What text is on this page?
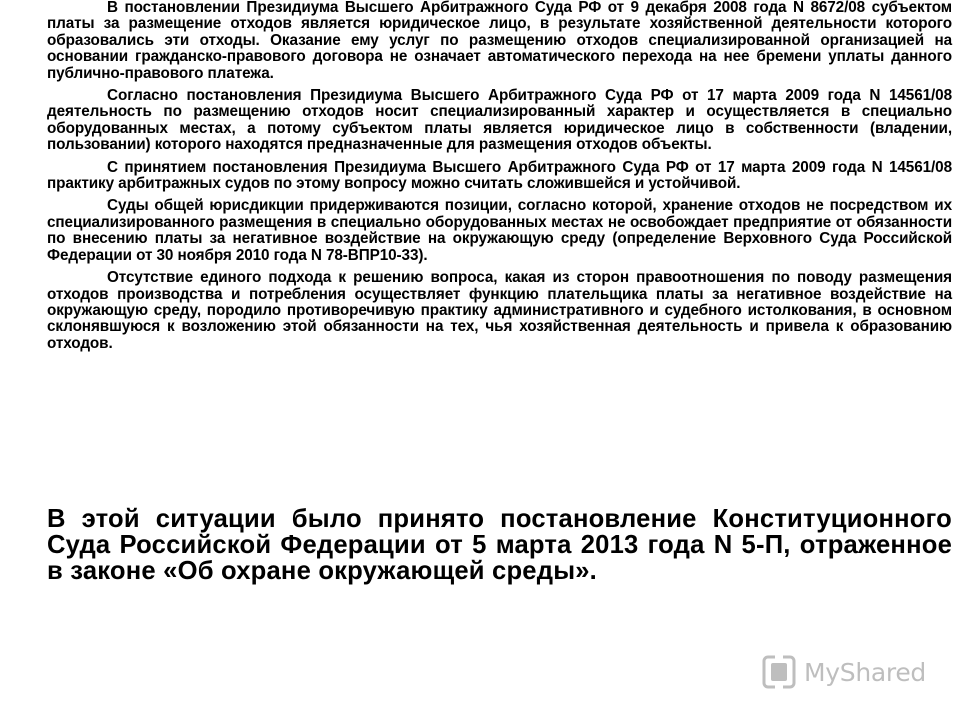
В постановлении Президиума Высшего Арбитражного Суда РФ от 9 декабря 2008 года N 8672/08 субъектом платы за размещение отходов является юридическое лицо, в результате хозяйственной деятельности которого образовались эти отходы. Оказание ему услуг по размещению отходов специализированной организацией на основании гражданско-правового договора не означает автоматического перехода на нее бремени уплаты данного публично-правового платежа.

Согласно постановления Президиума Высшего Арбитражного Суда РФ от 17 марта 2009 года N 14561/08 деятельность по размещению отходов носит специализированный характер и осуществляется в специально оборудованных местах, а потому субъектом платы является юридическое лицо в собственности (владении, пользовании) которого находятся предназначенные для размещения отходов объекты.

С принятием постановления Президиума Высшего Арбитражного Суда РФ от 17 марта 2009 года N 14561/08 практику арбитражных судов по этому вопросу можно считать сложившейся и устойчивой.

Суды общей юрисдикции придерживаются позиции, согласно которой, хранение отходов не посредством их специализированного размещения в специально оборудованных местах не освобождает предприятие от обязанности по внесению платы за негативное воздействие на окружающую среду (определение Верховного Суда Российской Федерации от 30 ноября 2010 года N 78-ВПР10-33).

Отсутствие единого подхода к решению вопроса, какая из сторон правоотношения по поводу размещения отходов производства и потребления осуществляет функцию плательщика платы за негативное воздействие на окружающую среду, породило противоречивую практику административного и судебного истолкования, в основном склонявшуюся к возложению этой обязанности на тех, чья хозяйственная деятельность и привела к образованию отходов.

В этой ситуации было принято постановление Конституционного Суда Российской Федерации от 5 марта 2013 года N 5-П, отраженное в законе «Об охране окружающей среды».

MyShared
